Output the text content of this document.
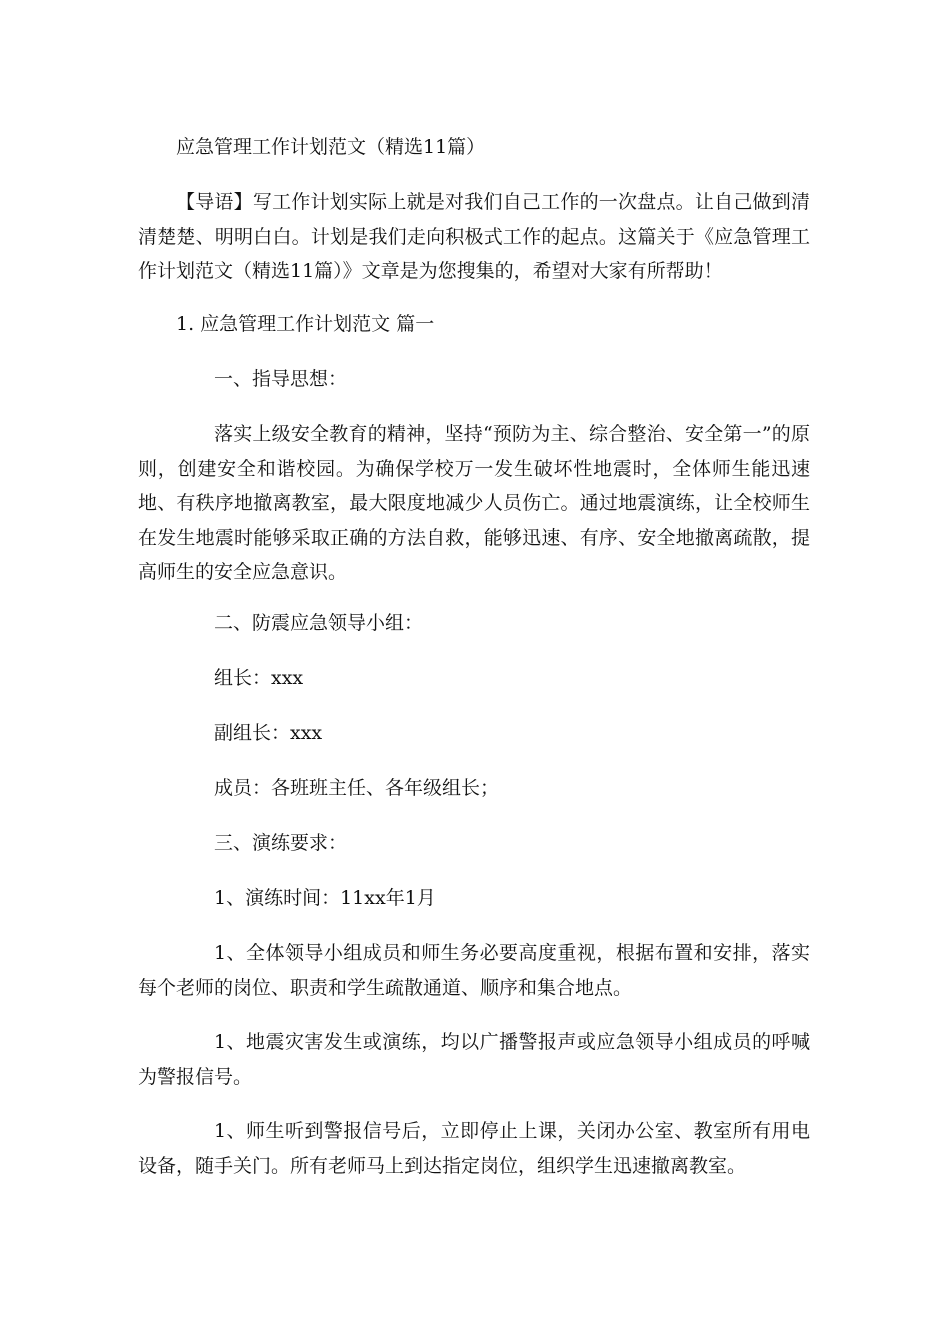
应急管理工作计划范文（精选11篇）

【导语】写工作计划实际上就是对我们自己工作的一次盘点。让自己做到清清楚楚、明明白白。计划是我们走向积极式工作的起点。这篇关于《应急管理工作计划范文（精选11篇）》文章是为您搜集的，希望对大家有所帮助！

1. 应急管理工作计划范文 篇一

一、指导思想：

落实上级安全教育的精神，坚持“预防为主、综合整治、安全第一”的原则，创建安全和谐校园。为确保学校万一发生破坏性地震时，全体师生能迅速地、有秩序地撤离教室，最大限度地减少人员伤亡。通过地震演练，让全校师生在发生地震时能够采取正确的方法自救，能够迅速、有序、安全地撤离疏散，提高师生的安全应急意识。

二、防震应急领导小组：

组长：xxx

副组长：xxx

成员：各班班主任、各年级组长；

三、演练要求：

1、演练时间：11xx年1月

1、全体领导小组成员和师生务必要高度重视，根据布置和安排，落实每个老师的岗位、职责和学生疏散通道、顺序和集合地点。

1、地震灾害发生或演练，均以广播警报声或应急领导小组成员的呼喊为警报信号。

1、师生听到警报信号后，立即停止上课，关闭办公室、教室所有用电设备，随手关门。所有老师马上到达指定岗位，组织学生迅速撤离教室。
